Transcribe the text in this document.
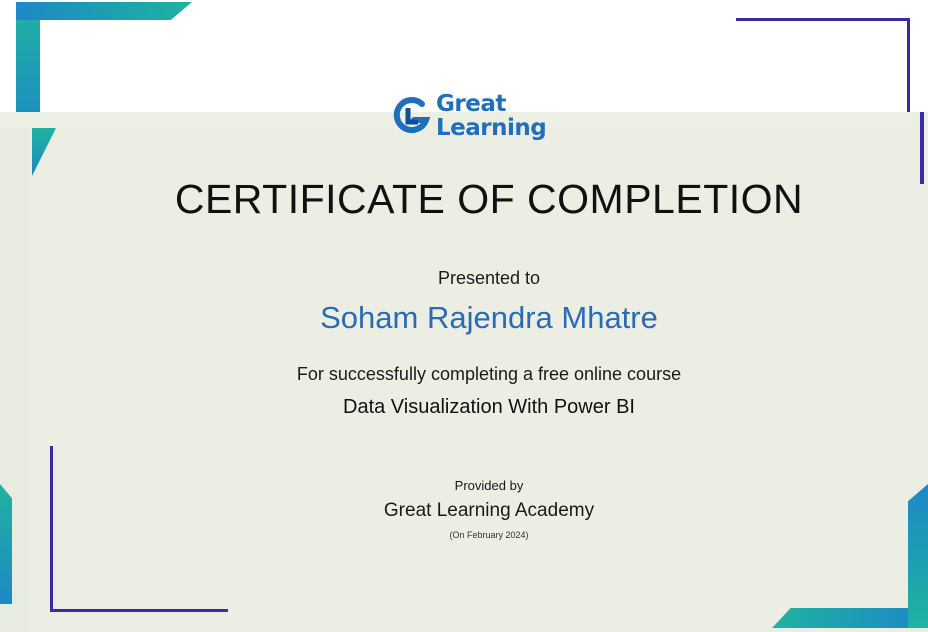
Great
Learning
CERTIFICATE OF COMPLETION
Presented to
Soham Rajendra Mhatre
For successfully completing a free online course
Data Visualization With Power BI
Provided by
Great Learning Academy
(On February 2024)
